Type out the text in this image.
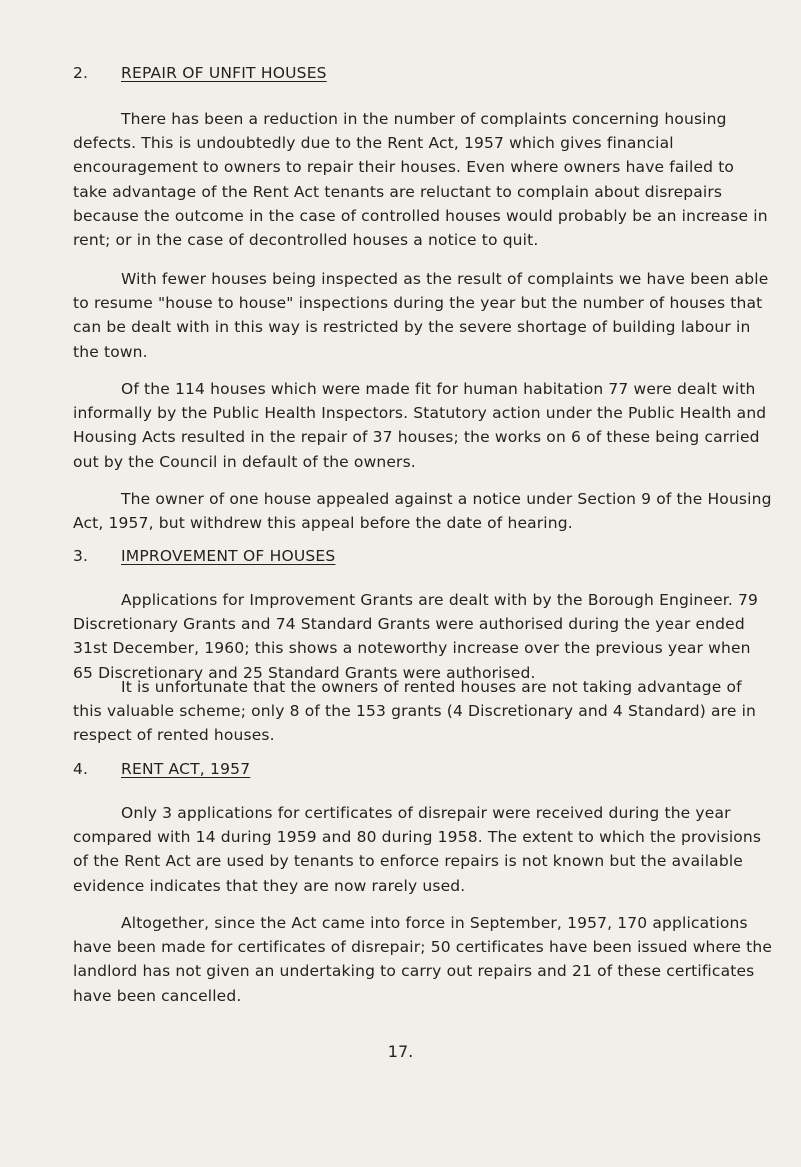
2. REPAIR OF UNFIT HOUSES

There has been a reduction in the number of complaints concerning housing defects. This is undoubtedly due to the Rent Act, 1957 which gives financial encouragement to owners to repair their houses. Even where owners have failed to take advantage of the Rent Act tenants are reluctant to complain about disrepairs because the outcome in the case of controlled houses would probably be an increase in rent; or in the case of decontrolled houses a notice to quit.

With fewer houses being inspected as the result of complaints we have been able to resume "house to house" inspections during the year but the number of houses that can be dealt with in this way is restricted by the severe shortage of building labour in the town.

Of the 114 houses which were made fit for human habitation 77 were dealt with informally by the Public Health Inspectors. Statutory action under the Public Health and Housing Acts resulted in the repair of 37 houses; the works on 6 of these being carried out by the Council in default of the owners.

The owner of one house appealed against a notice under Section 9 of the Housing Act, 1957, but withdrew this appeal before the date of hearing.

3. IMPROVEMENT OF HOUSES

Applications for Improvement Grants are dealt with by the Borough Engineer. 79 Discretionary Grants and 74 Standard Grants were authorised during the year ended 31st December, 1960; this shows a noteworthy increase over the previous year when 65 Discretionary and 25 Standard Grants were authorised.

It is unfortunate that the owners of rented houses are not taking advantage of this valuable scheme; only 8 of the 153 grants (4 Discretionary and 4 Standard) are in respect of rented houses.

4. RENT ACT, 1957

Only 3 applications for certificates of disrepair were received during the year compared with 14 during 1959 and 80 during 1958. The extent to which the provisions of the Rent Act are used by tenants to enforce repairs is not known but the available evidence indicates that they are now rarely used.

Altogether, since the Act came into force in September, 1957, 170 applications have been made for certificates of disrepair; 50 certificates have been issued where the landlord has not given an undertaking to carry out repairs and 21 of these certificates have been cancelled.

17.
